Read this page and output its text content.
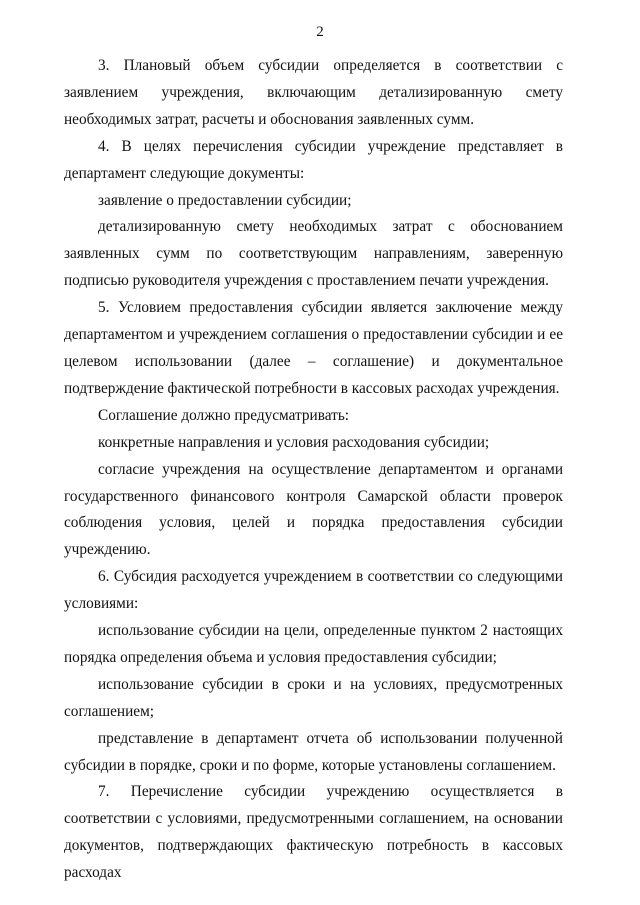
2

3. Плановый объем субсидии определяется в соответствии с заявлением учреждения, включающим детализированную смету необходимых затрат, расчеты и обоснования заявленных сумм.

4. В целях перечисления субсидии учреждение представляет в департамент следующие документы:

заявление о предоставлении субсидии;

детализированную смету необходимых затрат с обоснованием заявленных сумм по соответствующим направлениям, заверенную подписью руководителя учреждения с проставлением печати учреждения.

5. Условием предоставления субсидии является заключение между департаментом и учреждением соглашения о предоставлении субсидии и ее целевом использовании (далее – соглашение) и документальное подтверждение фактической потребности в кассовых расходах учреждения.

Соглашение должно предусматривать:

конкретные направления и условия расходования субсидии;

согласие учреждения на осуществление департаментом и органами государственного финансового контроля Самарской области проверок соблюдения условия, целей и порядка предоставления субсидии учреждению.

6. Субсидия расходуется учреждением в соответствии со следующими условиями:

использование субсидии на цели, определенные пунктом 2 настоящих порядка определения объема и условия предоставления субсидии;

использование субсидии в сроки и на условиях, предусмотренных соглашением;

представление в департамент отчета об использовании полученной субсидии в порядке, сроки и по форме, которые установлены соглашением.

7. Перечисление субсидии учреждению осуществляется в соответствии с условиями, предусмотренными соглашением, на основании документов, подтверждающих фактическую потребность в кассовых расходах
